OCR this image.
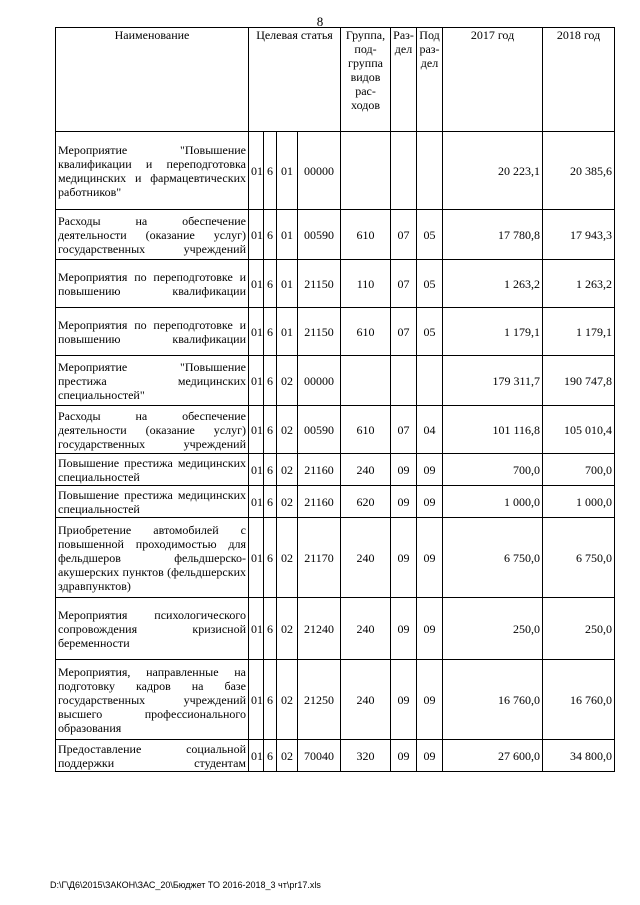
8
Наименование	Целевая статья				Группа, под-группа видов рас-ходов	Раз-дел	Под раз-дел	2017 год	2018 год
Мероприятие "Повышение квалификации и переподготовка медицинских и фармацевтических работников"	01	6	01	00000				20 223,1	20 385,6
Расходы на обеспечение деятельности (оказание услуг) государственных учреждений	01	6	01	00590	610	07	05	17 780,8	17 943,3
Мероприятия по переподготовке и повышению квалификации	01	6	01	21150	110	07	05	1 263,2	1 263,2
Мероприятия по переподготовке и повышению квалификации	01	6	01	21150	610	07	05	1 179,1	1 179,1
Мероприятие "Повышение престижа медицинских специальностей"	01	6	02	00000				179 311,7	190 747,8
Расходы на обеспечение деятельности (оказание услуг) государственных учреждений	01	6	02	00590	610	07	04	101 116,8	105 010,4
Повышение престижа медицинских специальностей	01	6	02	21160	240	09	09	700,0	700,0
Повышение престижа медицинских специальностей	01	6	02	21160	620	09	09	1 000,0	1 000,0
Приобретение автомобилей с повышенной проходимостью для фельдшеров фельдшерско-акушерских пунктов (фельдшерских здравпунктов)	01	6	02	21170	240	09	09	6 750,0	6 750,0
Мероприятия психологического сопровождения кризисной беременности	01	6	02	21240	240	09	09	250,0	250,0
Мероприятия, направленные на подготовку кадров на базе государственных учреждений высшего профессионального образования	01	6	02	21250	240	09	09	16 760,0	16 760,0
Предоставление социальной поддержки студентам	01	6	02	70040	320	09	09	27 600,0	34 800,0
D:\Г\Д6\2015\ЗАКОН\ЗАС_20\Бюджет ТО 2016-2018_3 чт\pr17.xls
